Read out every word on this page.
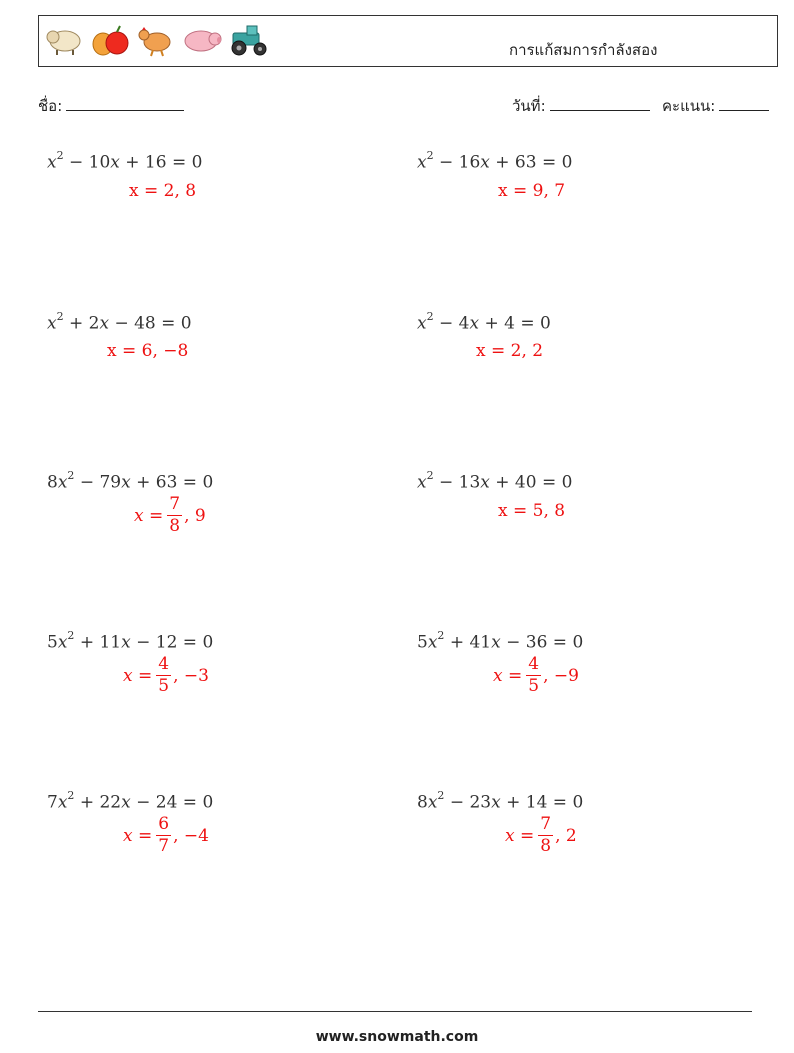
การแก้สมการกำลังสอง
ชื่อ:	วันที่:	คะแนน:
$x^2 - 10x + 16 = 0$
x = 2, 8
$x^2 - 16x + 63 = 0$
x = 9, 7
$x^2 + 2x - 48 = 0$
x = 6, −8
$x^2 - 4x + 4 = 0$
x = 2, 2
$8x^2 - 79x + 63 = 0$
$x = \frac{7}{8}$ , 9
$x^2 - 13x + 40 = 0$
x = 5, 8
$5x^2 + 11x - 12 = 0$
$x = \frac{4}{5}$ , −3
$5x^2 + 41x - 36 = 0$
$x = \frac{4}{5}$ , −9
$7x^2 + 22x - 24 = 0$
$x = \frac{6}{7}$ , −4
$8x^2 - 23x + 14 = 0$
$x = \frac{7}{8}$ , 2
www.snowmath.com
